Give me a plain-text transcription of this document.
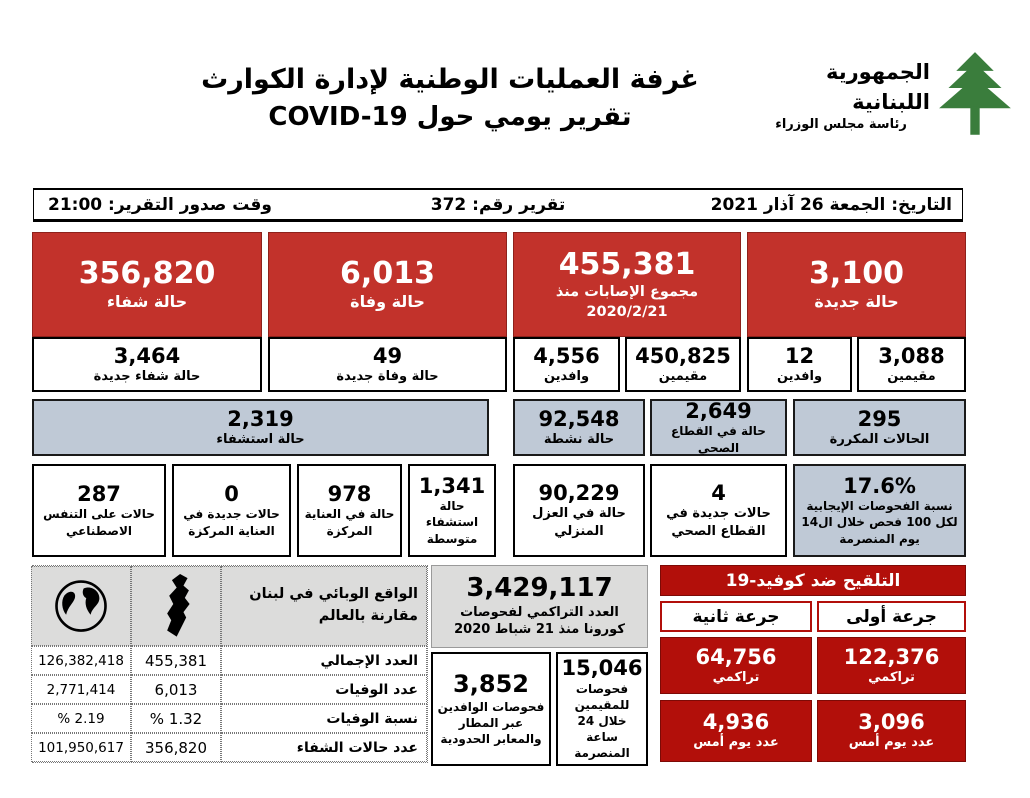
الجمهورية اللبنانية
رئاسة مجلس الوزراء
غرفة العمليات الوطنية لإدارة الكوارث
تقرير يومي حول COVID-19
التاريخ: الجمعة 26 آذار 2021
تقرير رقم: 372
وقت صدور التقرير: 21:00
3,100
حالة جديدة
455,381
مجموع الإصابات منذ 2020/2/21
6,013
حالة وفاة
356,820
حالة شفاء
3,088
مقيمين
12
وافدين
450,825
مقيمين
4,556
وافدين
49
حالة وفاة جديدة
3,464
حالة شفاء جديدة
295
الحالات المكررة
2,649
حالة في القطاع الصحي
92,548
حالة نشطة
2,319
حالة استشفاء
17.6%
نسبة الفحوصات الإيجابية لكل 100 فحص خلال ال14 يوم المنصرمة
4
حالات جديدة في القطاع الصحي
90,229
حالة في العزل المنزلي
1,341
حالة استشفاء متوسطة
978
حالة في العناية المركزة
0
حالات جديدة في العناية المركزة
287
حالات على التنفس الاصطناعي
الواقع الوبائي في لبنان مقارنة بالعالم
العدد الإجمالي
455,381
126,382,418
عدد الوفيات
6,013
2,771,414
نسبة الوفيات
1.32 %
2.19 %
عدد حالات الشفاء
356,820
101,950,617
3,429,117
العدد التراكمي لفحوصات كورونا منذ 21 شباط 2020
15,046
فحوصات للمقيمين خلال 24 ساعة المنصرمة
3,852
فحوصات الوافدين عبر المطار والمعابر الحدودية
التلقيح ضد كوفيد-19
جرعة أولى
جرعة ثانية
122,376
تراكمي
64,756
تراكمي
3,096
عدد يوم أمس
4,936
عدد يوم أمس
